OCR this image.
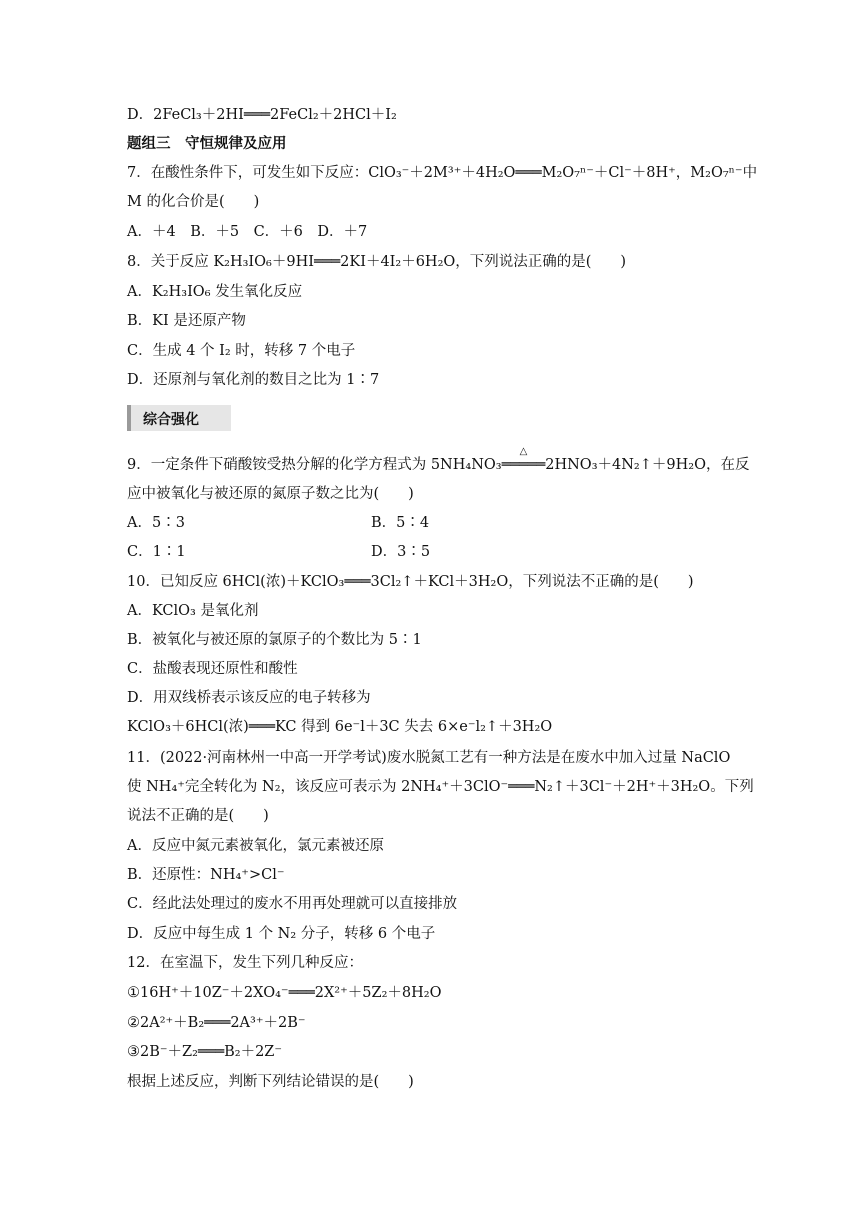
D．2FeCl₃＋2HI═══2FeCl₂＋2HCl＋I₂
题组三　守恒规律及应用
7．在酸性条件下，可发生如下反应：ClO₃⁻＋2M³⁺＋4H₂O═══M₂O₇ⁿ⁻＋Cl⁻＋8H⁺，M₂O₇ⁿ⁻中
M 的化合价是(　　)
A．＋4　B．＋5　C．＋6　D．＋7
8．关于反应 K₂H₃IO₆＋9HI═══2KI＋4I₂＋6H₂O，下列说法正确的是(　　)
A．K₂H₃IO₆ 发生氧化反应
B．KI 是还原产物
C．生成 4 个 I₂ 时，转移 7 个电子
D．还原剂与氧化剂的数目之比为 1∶7
综合强化
9．一定条件下硝酸铵受热分解的化学方程式为 5NH₄NO₃
△
═════2HNO₃＋4N₂↑＋9H₂O，在反
应中被氧化与被还原的氮原子数之比为(　　)
A．5∶3	B．5∶4
C．1∶1	D．3∶5
10．已知反应 6HCl(浓)＋KClO₃═══3Cl₂↑＋KCl＋3H₂O，下列说法不正确的是(　　)
A．KClO₃ 是氧化剂
B．被氧化与被还原的氯原子的个数比为 5∶1
C．盐酸表现还原性和酸性
D．用双线桥表示该反应的电子转移为
KClO₃＋6HCl(浓)═══KC 得到 6e⁻l＋3C 失去 6×e⁻l₂↑＋3H₂O
11．(2022·河南林州一中高一开学考试)废水脱氮工艺有一种方法是在废水中加入过量 NaClO
使 NH₄⁺完全转化为 N₂，该反应可表示为 2NH₄⁺＋3ClO⁻═══N₂↑＋3Cl⁻＋2H⁺＋3H₂O。下列
说法不正确的是(　　)
A．反应中氮元素被氧化，氯元素被还原
B．还原性：NH₄⁺>Cl⁻
C．经此法处理过的废水不用再处理就可以直接排放
D．反应中每生成 1 个 N₂ 分子，转移 6 个电子
12．在室温下，发生下列几种反应：
①16H⁺＋10Z⁻＋2XO₄⁻═══2X²⁺＋5Z₂＋8H₂O
②2A²⁺＋B₂═══2A³⁺＋2B⁻
③2B⁻＋Z₂═══B₂＋2Z⁻
根据上述反应，判断下列结论错误的是(　　)
